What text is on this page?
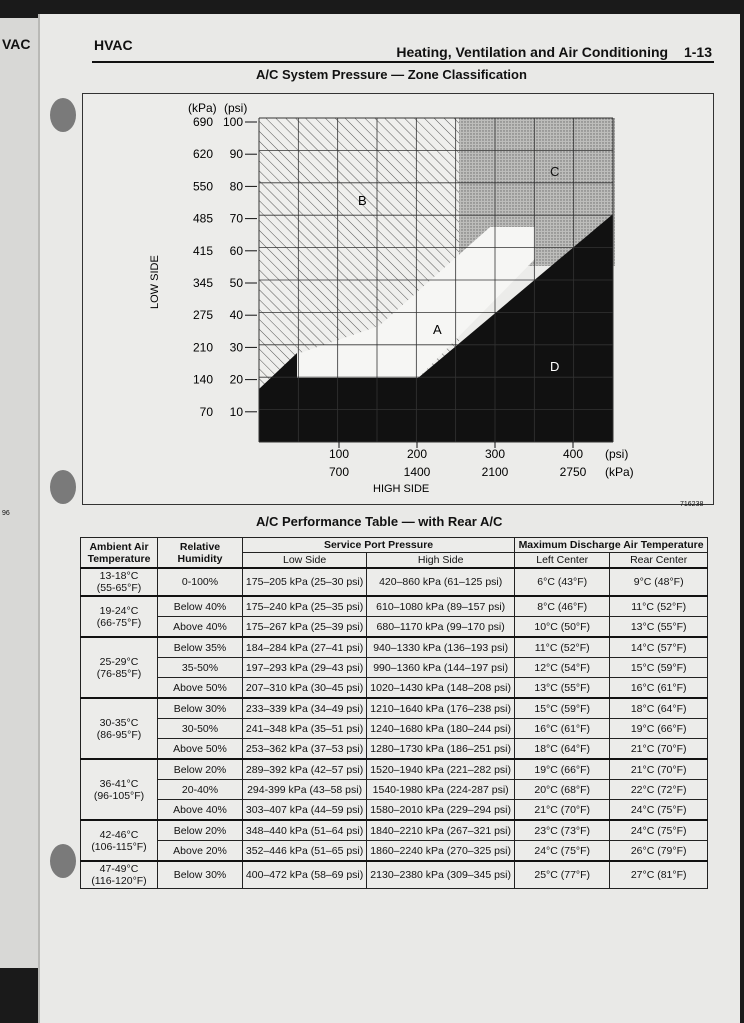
VAC
96
HVAC	Heating, Ventilation and Air Conditioning 1-13
A/C System Pressure — Zone Classification
690 100
620 90
550 80
485 70
415 60
345 50
275 40
210 30
140 20
70 10
100
700
200
1400
300
2100
400
2750
(kPa) (psi)
LOW SIDE
HIGH SIDE
(psi)
(kPa)
A
B
C
D
716238
A/C Performance Table — with Rear A/C
Ambient Air Temperature	Relative Humidity	Service Port Pressure		Maximum Discharge Air Temperature	
		Low Side	High Side	Left Center	Rear Center

13-18°C
(55-65°F)	0-100%	175–205 kPa (25–30 psi)	420–860 kPa (61–125 psi)	6°C (43°F)	9°C (48°F)

19-24°C
(66-75°F)	Below 40%	175–240 kPa (25–35 psi)	610–1080 kPa (89–157 psi)	8°C (46°F)	11°C (52°F)
	Above 40%	175–267 kPa (25–39 psi)	680–1170 kPa (99–170 psi)	10°C (50°F)	13°C (55°F)

25-29°C
(76-85°F)	Below 35%	184–284 kPa (27–41 psi)	940–1330 kPa (136–193 psi)	11°C (52°F)	14°C (57°F)
	35-50%	197–293 kPa (29–43 psi)	990–1360 kPa (144–197 psi)	12°C (54°F)	15°C (59°F)
	Above 50%	207–310 kPa (30–45 psi)	1020–1430 kPa (148–208 psi)	13°C (55°F)	16°C (61°F)

30-35°C
(86-95°F)	Below 30%	233–339 kPa (34–49 psi)	1210–1640 kPa (176–238 psi)	15°C (59°F)	18°C (64°F)
	30-50%	241–348 kPa (35–51 psi)	1240–1680 kPa (180–244 psi)	16°C (61°F)	19°C (66°F)
	Above 50%	253–362 kPa (37–53 psi)	1280–1730 kPa (186–251 psi)	18°C (64°F)	21°C (70°F)

36-41°C
(96-105°F)	Below 20%	289–392 kPa (42–57 psi)	1520–1940 kPa (221–282 psi)	19°C (66°F)	21°C (70°F)
	20-40%	294-399 kPa (43–58 psi)	1540-1980 kPa (224-287 psi)	20°C (68°F)	22°C (72°F)
	Above 40%	303–407 kPa (44–59 psi)	1580–2010 kPa (229–294 psi)	21°C (70°F)	24°C (75°F)

42-46°C
(106-115°F)	Below 20%	348–440 kPa (51–64 psi)	1840–2210 kPa (267–321 psi)	23°C (73°F)	24°C (75°F)
	Above 20%	352–446 kPa (51–65 psi)	1860–2240 kPa (270–325 psi)	24°C (75°F)	26°C (79°F)

47-49°C
(116-120°F)	Below 30%	400–472 kPa (58–69 psi)	2130–2380 kPa (309–345 psi)	25°C (77°F)	27°C (81°F)
